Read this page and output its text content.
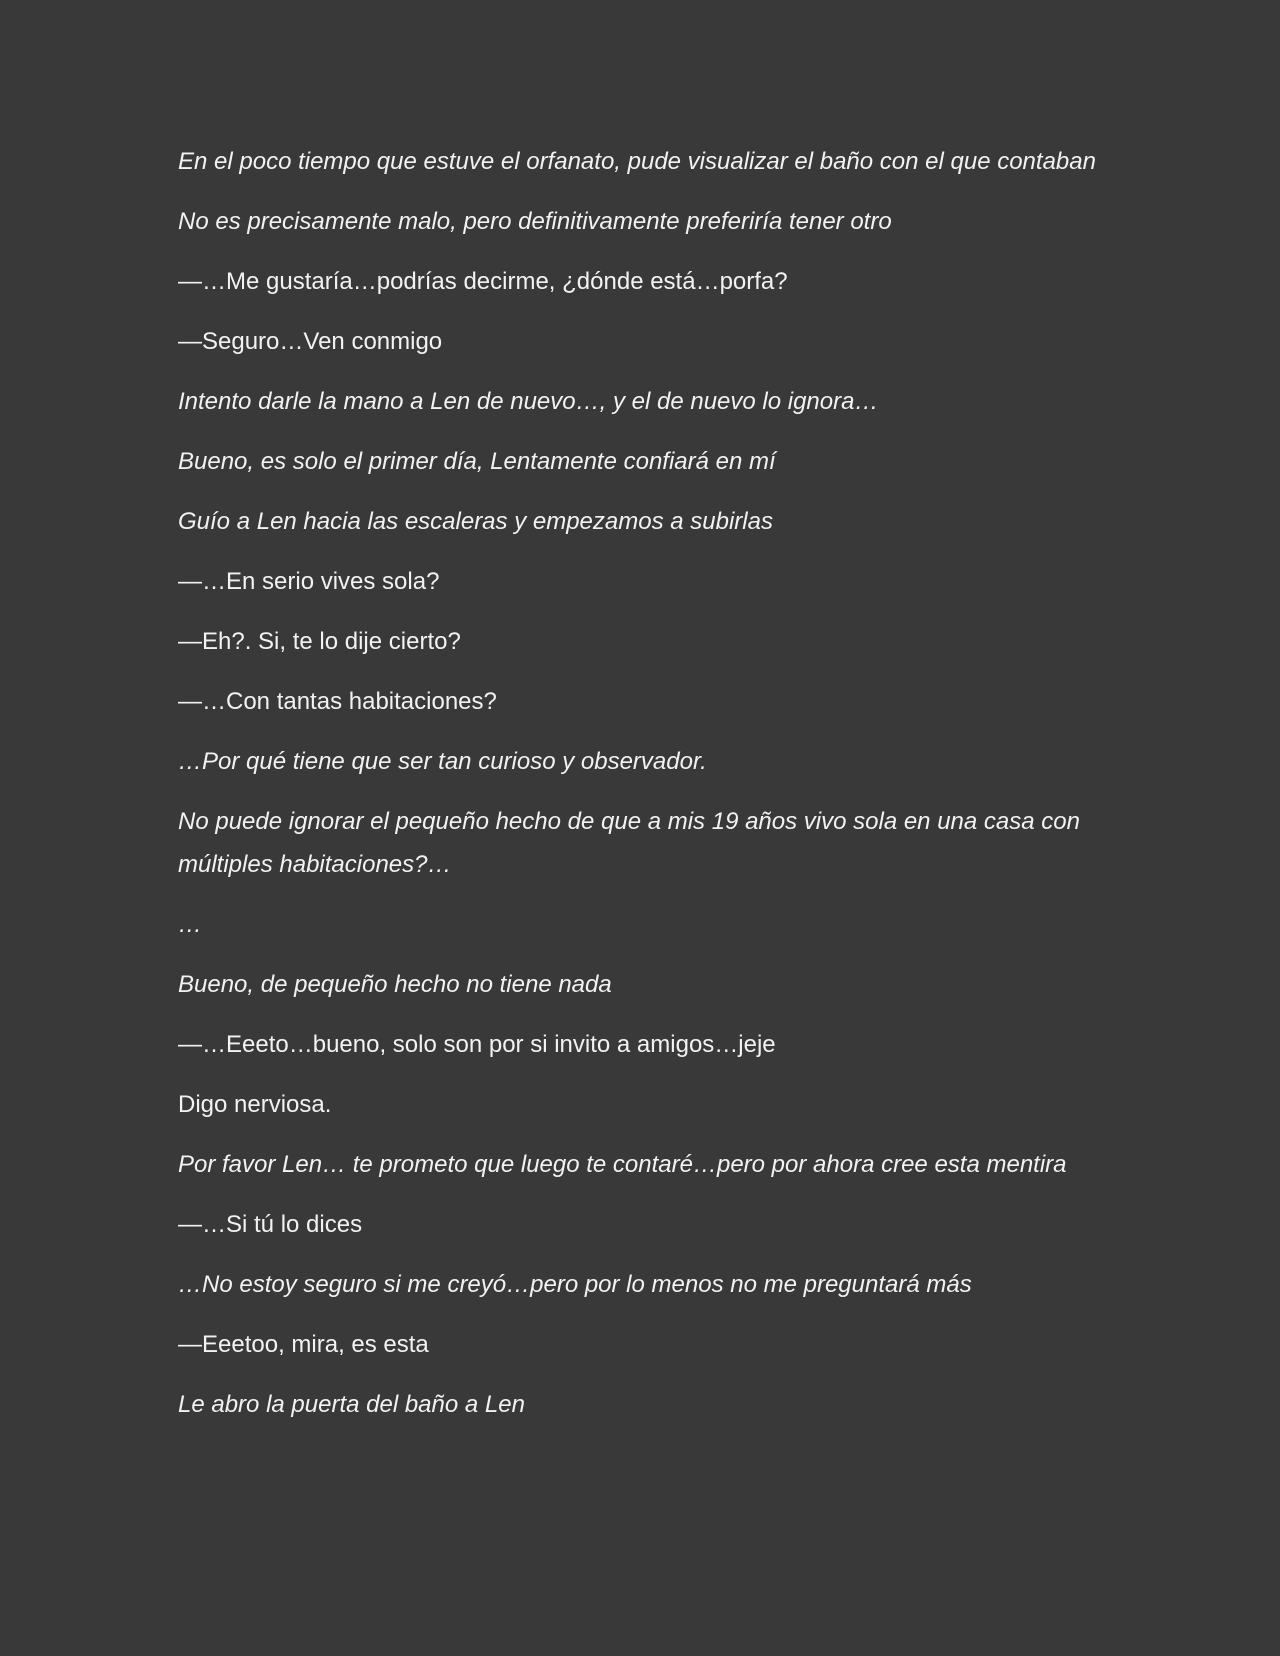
En el poco tiempo que estuve el orfanato, pude visualizar el baño con el que contaban

No es precisamente malo, pero definitivamente preferiría tener otro

—…Me gustaría…podrías decirme, ¿dónde está…porfa?

—Seguro…Ven conmigo

Intento darle la mano a Len de nuevo…, y el de nuevo lo ignora…

Bueno, es solo el primer día, Lentamente confiará en mí

Guío a Len hacia las escaleras y empezamos a subirlas

—…En serio vives sola?

—Eh?. Si, te lo dije cierto?

—…Con tantas habitaciones?

…Por qué tiene que ser tan curioso y observador.

No puede ignorar el pequeño hecho de que a mis 19 años vivo sola en una casa con múltiples habitaciones?…

…

Bueno, de pequeño hecho no tiene nada

—…Eeeto…bueno, solo son por si invito a amigos…jeje

Digo nerviosa.

Por favor Len… te prometo que luego te contaré…pero por ahora cree esta mentira

—…Si tú lo dices

…No estoy seguro si me creyó…pero por lo menos no me preguntará más

—Eeetoo, mira, es esta

Le abro la puerta del baño a Len
